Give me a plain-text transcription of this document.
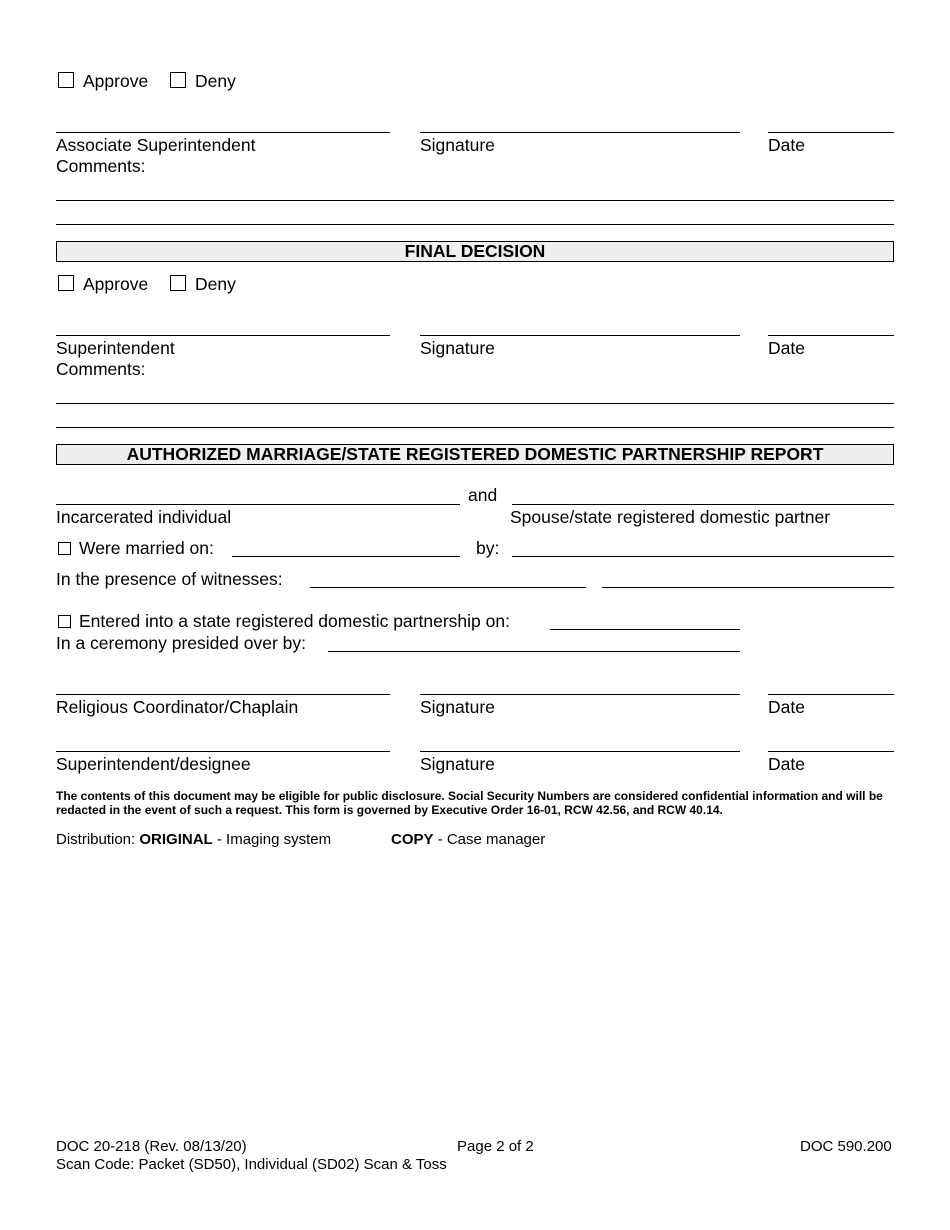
Approve	Deny
Associate Superintendent	Signature	Date
Comments:
FINAL DECISION
Approve	Deny
Superintendent	Signature	Date
Comments:
AUTHORIZED MARRIAGE/STATE REGISTERED DOMESTIC PARTNERSHIP REPORT
and
Incarcerated individual	Spouse/state registered domestic partner
Were married on:	by:
In the presence of witnesses:
Entered into a state registered domestic partnership on:
In a ceremony presided over by:
Religious Coordinator/Chaplain	Signature	Date
Superintendent/designee	Signature	Date
The contents of this document may be eligible for public disclosure. Social Security Numbers are considered confidential information and will be redacted in the event of such a request. This form is governed by Executive Order 16-01, RCW 42.56, and RCW 40.14.
Distribution: ORIGINAL - Imaging system	COPY - Case manager
DOC 20-218 (Rev. 08/13/20)	Page 2 of 2	DOC 590.200
Scan Code: Packet (SD50), Individual (SD02) Scan & Toss
